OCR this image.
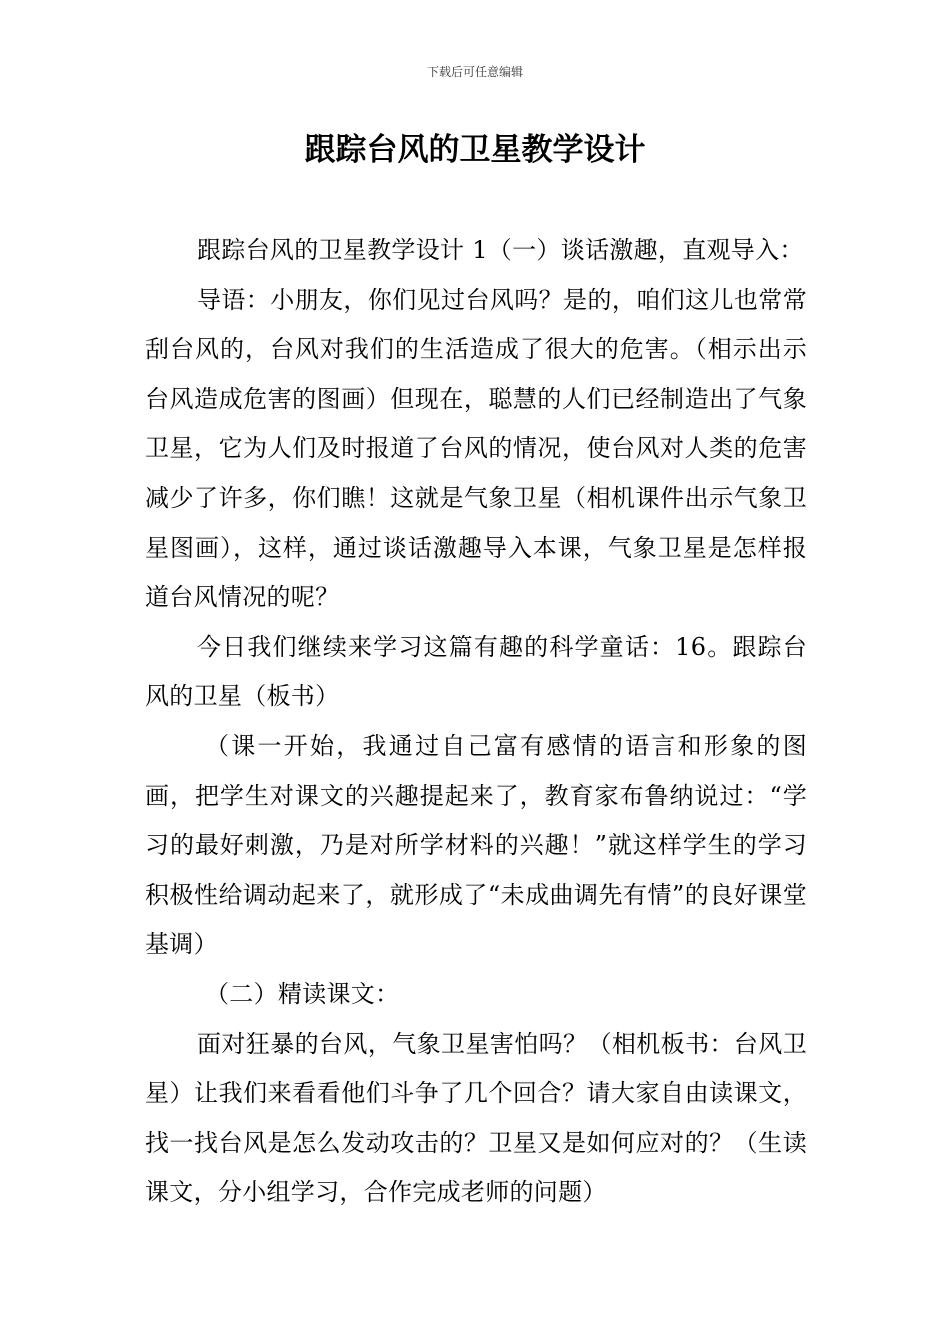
下载后可任意编辑
跟踪台风的卫星教学设计

跟踪台风的卫星教学设计 1（一）谈话激趣，直观导入：

导语：小朋友，你们见过台风吗？是的，咱们这儿也常常刮台风的，台风对我们的生活造成了很大的危害。（相示出示台风造成危害的图画）但现在，聪慧的人们已经制造出了气象卫星，它为人们及时报道了台风的情况，使台风对人类的危害减少了许多，你们瞧！这就是气象卫星（相机课件出示气象卫星图画），这样，通过谈话激趣导入本课，气象卫星是怎样报道台风情况的呢？

今日我们继续来学习这篇有趣的科学童话：16。跟踪台风的卫星（板书）

（课一开始，我通过自己富有感情的语言和形象的图画，把学生对课文的兴趣提起来了，教育家布鲁纳说过：“学习的最好刺激，乃是对所学材料的兴趣！”就这样学生的学习积极性给调动起来了，就形成了“未成曲调先有情”的良好课堂基调）

（二）精读课文：

面对狂暴的台风，气象卫星害怕吗？（相机板书：台风卫星）让我们来看看他们斗争了几个回合？请大家自由读课文，找一找台风是怎么发动攻击的？卫星又是如何应对的？（生读课文，分小组学习，合作完成老师的问题）
